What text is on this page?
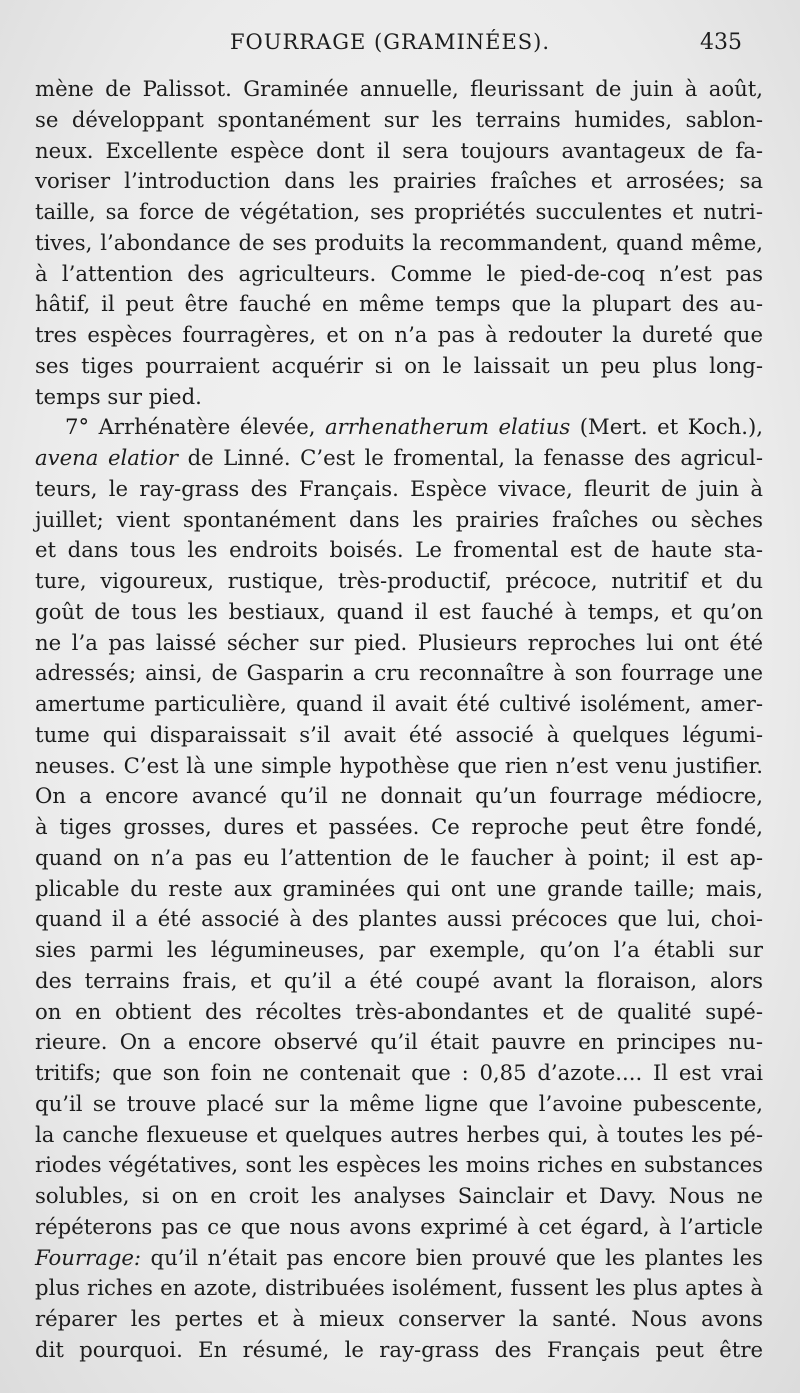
FOURRAGE (GRAMINÉES).	435
mène de Palissot. Graminée annuelle, fleurissant de juin à août,
se développant spontanément sur les terrains humides, sablon-
neux. Excellente espèce dont il sera toujours avantageux de fa-
voriser l’introduction dans les prairies fraîches et arrosées; sa
taille, sa force de végétation, ses propriétés succulentes et nutri-
tives, l’abondance de ses produits la recommandent, quand même,
à l’attention des agriculteurs. Comme le pied-de-coq n’est pas
hâtif, il peut être fauché en même temps que la plupart des au-
tres espèces fourragères, et on n’a pas à redouter la dureté que
ses tiges pourraient acquérir si on le laissait un peu plus long-
temps sur pied.
7° Arrhénatère élevée, arrhenatherum elatius (Mert. et Koch.),
avena elatior de Linné. C’est le fromental, la fenasse des agricul-
teurs, le ray-grass des Français. Espèce vivace, fleurit de juin à
juillet; vient spontanément dans les prairies fraîches ou sèches
et dans tous les endroits boisés. Le fromental est de haute sta-
ture, vigoureux, rustique, très-productif, précoce, nutritif et du
goût de tous les bestiaux, quand il est fauché à temps, et qu’on
ne l’a pas laissé sécher sur pied. Plusieurs reproches lui ont été
adressés; ainsi, de Gasparin a cru reconnaître à son fourrage une
amertume particulière, quand il avait été cultivé isolément, amer-
tume qui disparaissait s’il avait été associé à quelques légumi-
neuses. C’est là une simple hypothèse que rien n’est venu justifier.
On a encore avancé qu’il ne donnait qu’un fourrage médiocre,
à tiges grosses, dures et passées. Ce reproche peut être fondé,
quand on n’a pas eu l’attention de le faucher à point; il est ap-
plicable du reste aux graminées qui ont une grande taille; mais,
quand il a été associé à des plantes aussi précoces que lui, choi-
sies parmi les légumineuses, par exemple, qu’on l’a établi sur
des terrains frais, et qu’il a été coupé avant la floraison, alors
on en obtient des récoltes très-abondantes et de qualité supé-
rieure. On a encore observé qu’il était pauvre en principes nu-
tritifs; que son foin ne contenait que : 0,85 d’azote.... Il est vrai
qu’il se trouve placé sur la même ligne que l’avoine pubescente,
la canche flexueuse et quelques autres herbes qui, à toutes les pé-
riodes végétatives, sont les espèces les moins riches en substances
solubles, si on en croit les analyses Sainclair et Davy. Nous ne
répéterons pas ce que nous avons exprimé à cet égard, à l’article
Fourrage: qu’il n’était pas encore bien prouvé que les plantes les
plus riches en azote, distribuées isolément, fussent les plus aptes à
réparer les pertes et à mieux conserver la santé. Nous avons
dit pourquoi. En résumé, le ray-grass des Français peut être
